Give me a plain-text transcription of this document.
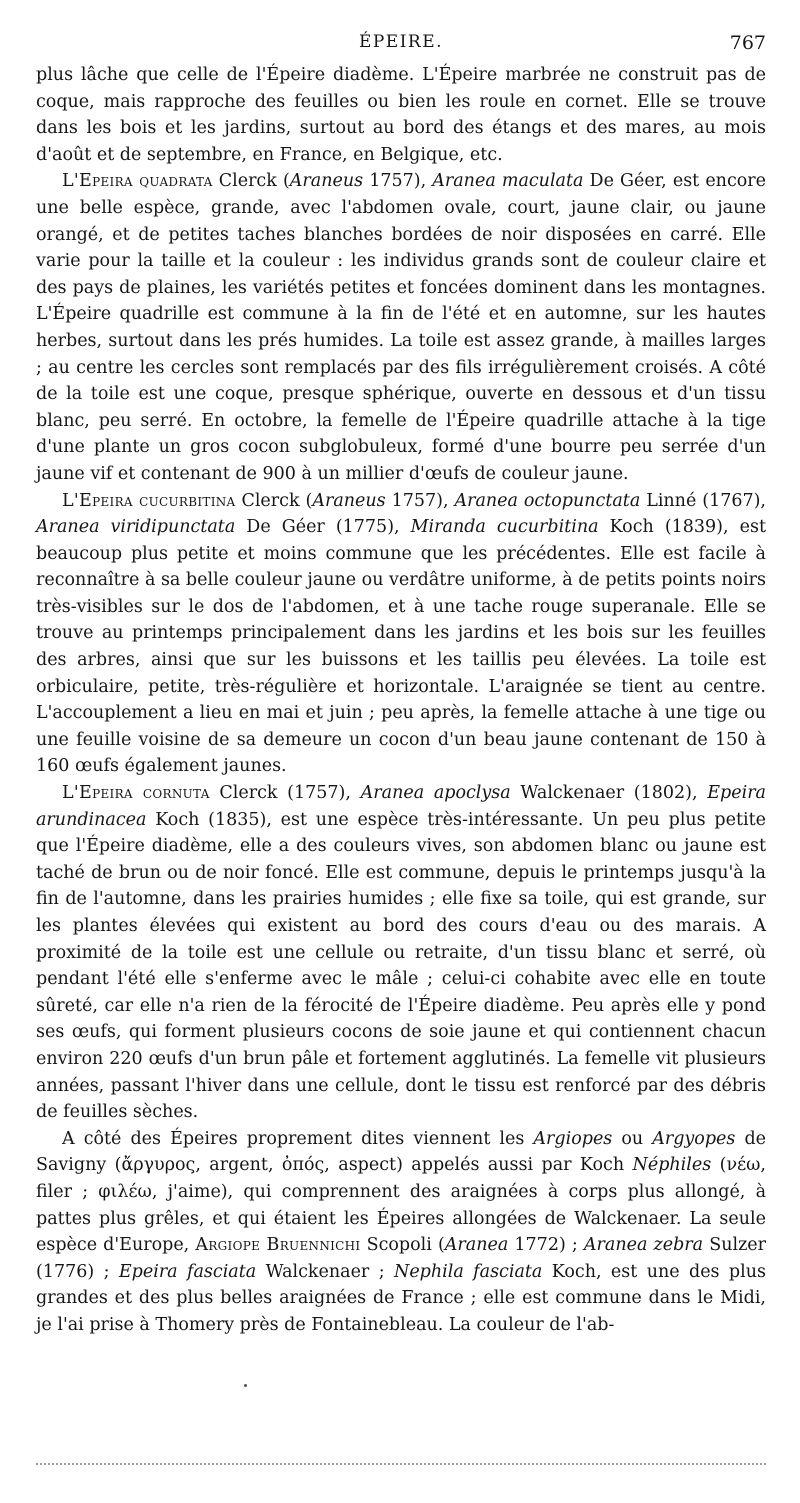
ÉPEIRE.	767

plus lâche que celle de l'Épeire diadème. L'Épeire marbrée ne construit pas de coque, mais rapproche des feuilles ou bien les roule en cornet. Elle se trouve dans les bois et les jardins, surtout au bord des étangs et des mares, au mois d'août et de septembre, en France, en Belgique, etc.

L'Epeira quadrata Clerck (Araneus 1757), Aranea maculata De Géer, est encore une belle espèce, grande, avec l'abdomen ovale, court, jaune clair, ou jaune orangé, et de petites taches blanches bordées de noir disposées en carré. Elle varie pour la taille et la couleur : les individus grands sont de couleur claire et des pays de plaines, les variétés petites et foncées dominent dans les montagnes. L'Épeire quadrille est commune à la fin de l'été et en automne, sur les hautes herbes, surtout dans les prés humides. La toile est assez grande, à mailles larges ; au centre les cercles sont remplacés par des fils irrégulièrement croisés. A côté de la toile est une coque, presque sphérique, ouverte en dessous et d'un tissu blanc, peu serré. En octobre, la femelle de l'Épeire quadrille attache à la tige d'une plante un gros cocon subglobuleux, formé d'une bourre peu serrée d'un jaune vif et contenant de 900 à un millier d'œufs de couleur jaune.

L'Epeira cucurbitina Clerck (Araneus 1757), Aranea octopunctata Linné (1767), Aranea viridipunctata De Géer (1775), Miranda cucurbitina Koch (1839), est beaucoup plus petite et moins commune que les précédentes. Elle est facile à reconnaître à sa belle couleur jaune ou verdâtre uniforme, à de petits points noirs très-visibles sur le dos de l'abdomen, et à une tache rouge superanale. Elle se trouve au printemps principalement dans les jardins et les bois sur les feuilles des arbres, ainsi que sur les buissons et les taillis peu élevées. La toile est orbiculaire, petite, très-régulière et horizontale. L'araignée se tient au centre. L'accouplement a lieu en mai et juin ; peu après, la femelle attache à une tige ou une feuille voisine de sa demeure un cocon d'un beau jaune contenant de 150 à 160 œufs également jaunes.

L'Epeira cornuta Clerck (1757), Aranea apoclysa Walckenaer (1802), Epeira arundinacea Koch (1835), est une espèce très-intéressante. Un peu plus petite que l'Épeire diadème, elle a des couleurs vives, son abdomen blanc ou jaune est taché de brun ou de noir foncé. Elle est commune, depuis le printemps jusqu'à la fin de l'automne, dans les prairies humides ; elle fixe sa toile, qui est grande, sur les plantes élevées qui existent au bord des cours d'eau ou des marais. A proximité de la toile est une cellule ou retraite, d'un tissu blanc et serré, où pendant l'été elle s'enferme avec le mâle ; celui-ci cohabite avec elle en toute sûreté, car elle n'a rien de la férocité de l'Épeire diadème. Peu après elle y pond ses œufs, qui forment plusieurs cocons de soie jaune et qui contiennent chacun environ 220 œufs d'un brun pâle et fortement agglutinés. La femelle vit plusieurs années, passant l'hiver dans une cellule, dont le tissu est renforcé par des débris de feuilles sèches.

A côté des Épeires proprement dites viennent les Argiopes ou Argyopes de Savigny (ἄργυρος, argent, ὀπός, aspect) appelés aussi par Koch Néphiles (νέω, filer ; φιλέω, j'aime), qui comprennent des araignées à corps plus allongé, à pattes plus grêles, et qui étaient les Épeires allongées de Walckenaer. La seule espèce d'Europe, Argiope Bruennichi Scopoli (Aranea 1772) ; Aranea zebra Sulzer (1776) ; Epeira fasciata Walckenaer ; Nephila fasciata Koch, est une des plus grandes et des plus belles araignées de France ; elle est commune dans le Midi, je l'ai prise à Thomery près de Fontainebleau. La couleur de l'ab-
